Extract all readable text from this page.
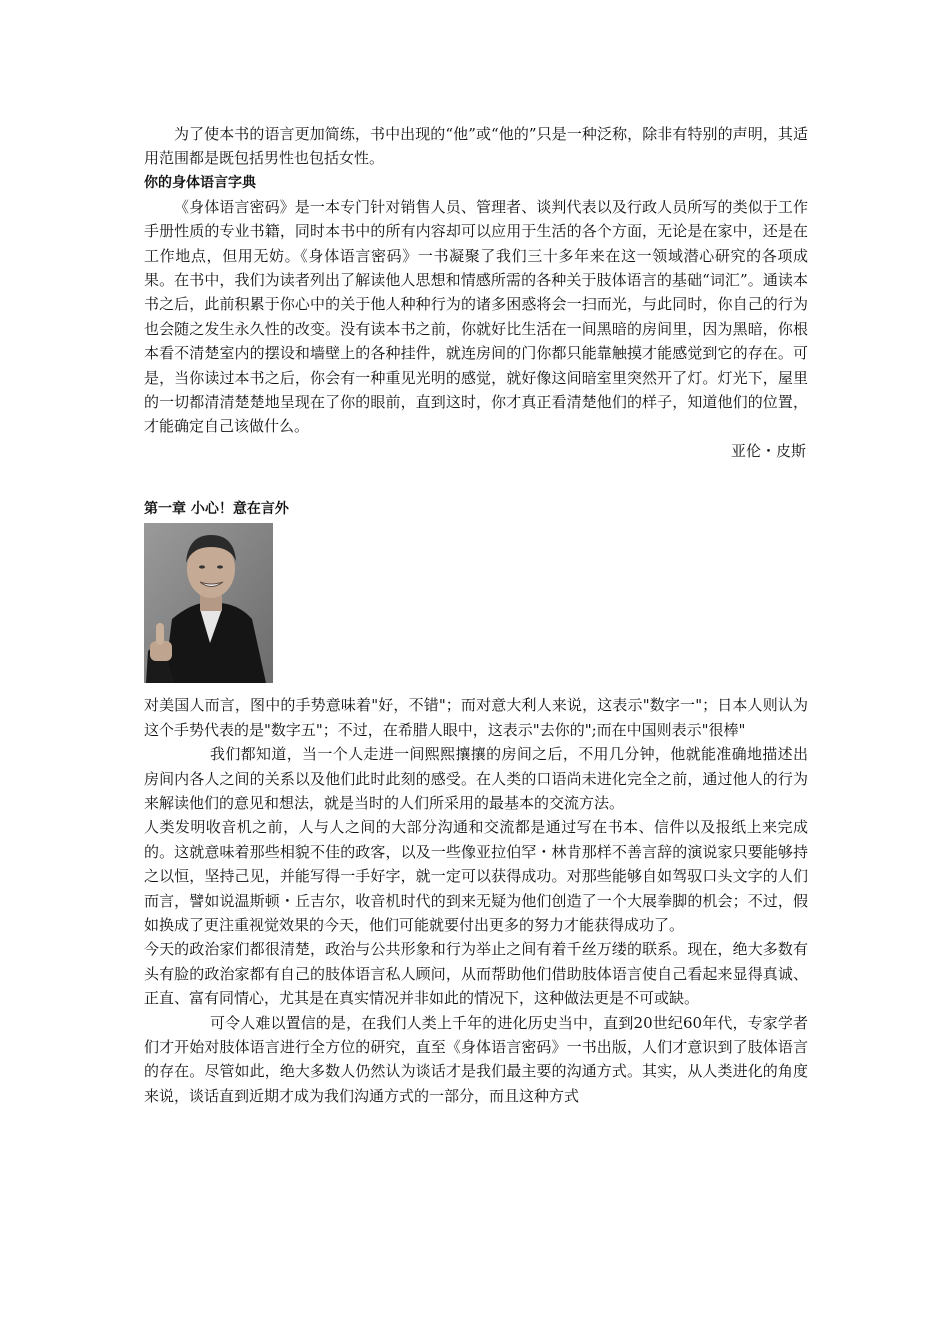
为了使本书的语言更加简练，书中出现的“他”或“他的”只是一种泛称，除非有特别的声明，其适用范围都是既包括男性也包括女性。

你的身体语言字典

《身体语言密码》是一本专门针对销售人员、管理者、谈判代表以及行政人员所写的类似于工作手册性质的专业书籍，同时本书中的所有内容却可以应用于生活的各个方面，无论是在家中，还是在工作地点，但用无妨。《身体语言密码》一书凝聚了我们三十多年来在这一领域潜心研究的各项成果。在书中，我们为读者列出了解读他人思想和情感所需的各种关于肢体语言的基础“词汇”。通读本书之后，此前积累于你心中的关于他人种种行为的诸多困惑将会一扫而光，与此同时，你自己的行为也会随之发生永久性的改变。没有读本书之前，你就好比生活在一间黑暗的房间里，因为黑暗，你根本看不清楚室内的摆设和墙壁上的各种挂件，就连房间的门你都只能靠触摸才能感觉到它的存在。可是，当你读过本书之后，你会有一种重见光明的感觉，就好像这间暗室里突然开了灯。灯光下，屋里的一切都清清楚楚地呈现在了你的眼前，直到这时，你才真正看清楚他们的样子，知道他们的位置，才能确定自己该做什么。

亚伦・皮斯

第一章 小心！意在言外

对美国人而言，图中的手势意味着"好，不错"；而对意大利人来说，这表示"数字一"；日本人则认为这个手势代表的是"数字五"；不过，在希腊人眼中，这表示"去你的";而在中国则表示"很棒"

我们都知道，当一个人走进一间熙熙攘攘的房间之后，不用几分钟，他就能准确地描述出房间内各人之间的关系以及他们此时此刻的感受。在人类的口语尚未进化完全之前，通过他人的行为来解读他们的意见和想法，就是当时的人们所采用的最基本的交流方法。

人类发明收音机之前，人与人之间的大部分沟通和交流都是通过写在书本、信件以及报纸上来完成的。这就意味着那些相貌不佳的政客，以及一些像亚拉伯罕・林肯那样不善言辞的演说家只要能够持之以恒，坚持己见，并能写得一手好字，就一定可以获得成功。对那些能够自如驾驭口头文字的人们而言，譬如说温斯顿・丘吉尔，收音机时代的到来无疑为他们创造了一个大展拳脚的机会；不过，假如换成了更注重视觉效果的今天，他们可能就要付出更多的努力才能获得成功了。

今天的政治家们都很清楚，政治与公共形象和行为举止之间有着千丝万缕的联系。现在，绝大多数有头有脸的政治家都有自己的肢体语言私人顾问，从而帮助他们借助肢体语言使自己看起来显得真诚、正直、富有同情心，尤其是在真实情况并非如此的情况下，这种做法更是不可或缺。

可令人难以置信的是，在我们人类上千年的进化历史当中，直到20世纪60年代，专家学者们才开始对肢体语言进行全方位的研究，直至《身体语言密码》一书出版，人们才意识到了肢体语言的存在。尽管如此，绝大多数人仍然认为谈话才是我们最主要的沟通方式。其实，从人类进化的角度来说，谈话直到近期才成为我们沟通方式的一部分，而且这种方式
